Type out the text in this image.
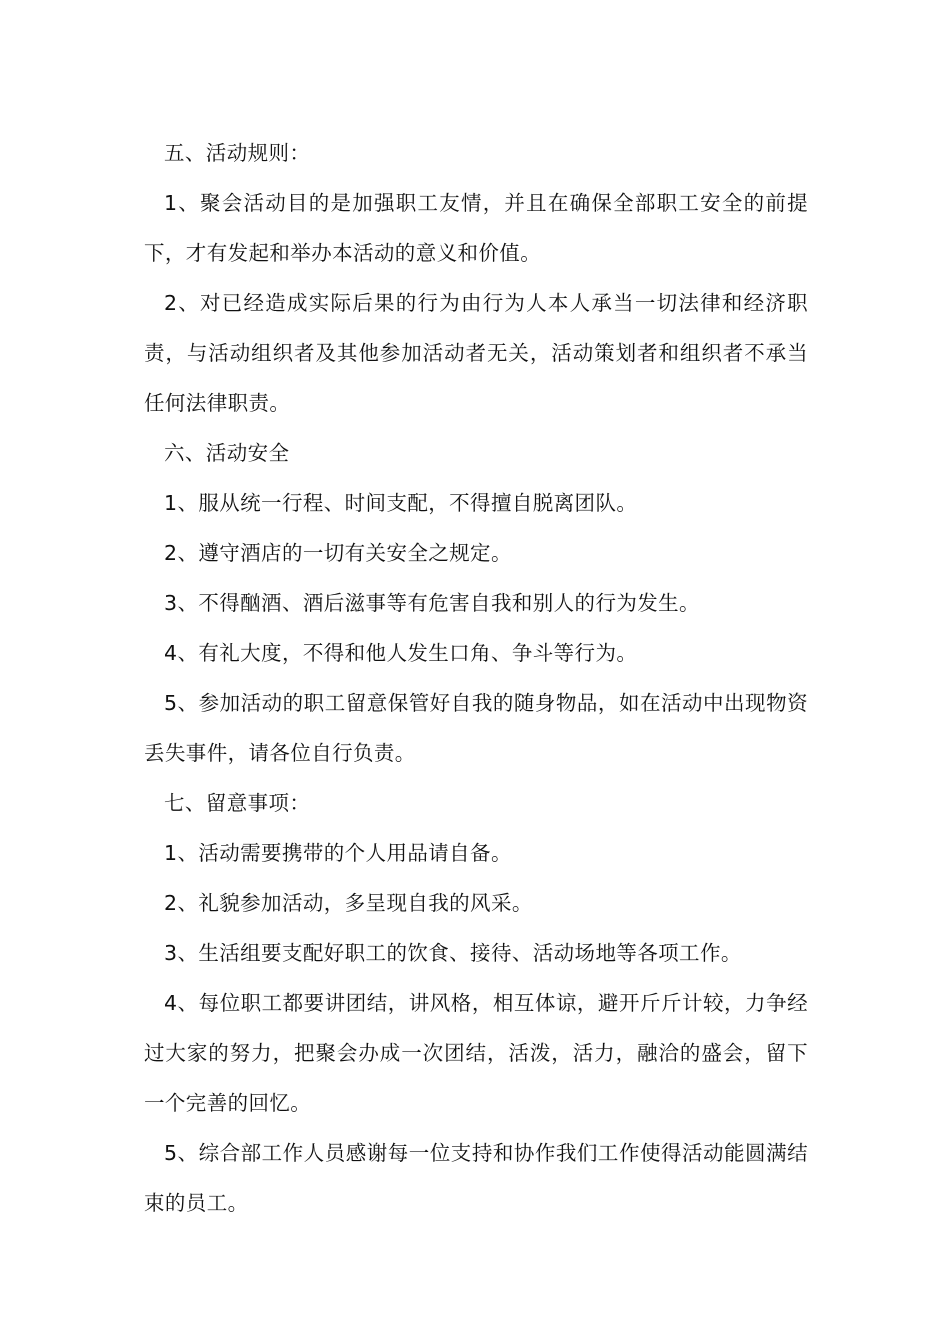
五、活动规则：

1、聚会活动目的是加强职工友情，并且在确保全部职工安全的前提下，才有发起和举办本活动的意义和价值。

2、对已经造成实际后果的行为由行为人本人承当一切法律和经济职责，与活动组织者及其他参加活动者无关，活动策划者和组织者不承当任何法律职责。

六、活动安全

1、服从统一行程、时间支配，不得擅自脱离团队。

2、遵守酒店的一切有关安全之规定。

3、不得酗酒、酒后滋事等有危害自我和别人的行为发生。

4、有礼大度，不得和他人发生口角、争斗等行为。

5、参加活动的职工留意保管好自我的随身物品，如在活动中出现物资丢失事件，请各位自行负责。

七、留意事项：

1、活动需要携带的个人用品请自备。

2、礼貌参加活动，多呈现自我的风采。

3、生活组要支配好职工的饮食、接待、活动场地等各项工作。

4、每位职工都要讲团结，讲风格，相互体谅，避开斤斤计较，力争经过大家的努力，把聚会办成一次团结，活泼，活力，融洽的盛会，留下一个完善的回忆。

5、综合部工作人员感谢每一位支持和协作我们工作使得活动能圆满结束的员工。
